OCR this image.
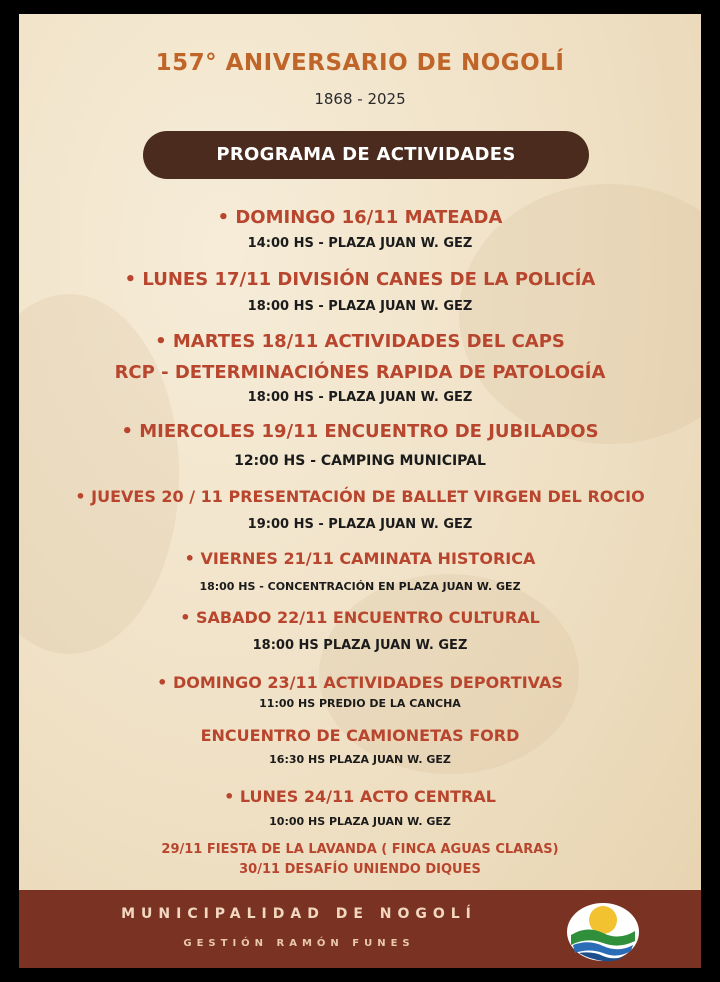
157° ANIVERSARIO DE NOGOLÍ
1868 - 2025
PROGRAMA DE ACTIVIDADES
• DOMINGO 16/11 MATEADA
14:00 HS - PLAZA JUAN W. GEZ
• LUNES 17/11 DIVISIÓN CANES DE LA POLICÍA
18:00 HS - PLAZA JUAN W. GEZ
• MARTES 18/11 ACTIVIDADES DEL CAPS
RCP - DETERMINACIÓNES RAPIDA DE PATOLOGÍA
18:00 HS - PLAZA JUAN W. GEZ
• MIERCOLES 19/11 ENCUENTRO DE JUBILADOS
12:00 HS - CAMPING MUNICIPAL
• JUEVES 20 / 11 PRESENTACIÓN DE BALLET VIRGEN DEL ROCIO
19:00 HS - PLAZA JUAN W. GEZ
• VIERNES 21/11 CAMINATA HISTORICA
18:00 HS - CONCENTRACIÓN EN PLAZA JUAN W. GEZ
• SABADO 22/11 ENCUENTRO CULTURAL
18:00 HS PLAZA JUAN W. GEZ
• DOMINGO 23/11 ACTIVIDADES DEPORTIVAS
11:00 HS PREDIO DE LA CANCHA
ENCUENTRO DE CAMIONETAS FORD
16:30 HS PLAZA JUAN W. GEZ
• LUNES 24/11 ACTO CENTRAL
10:00 HS PLAZA JUAN W. GEZ
29/11 FIESTA DE LA LAVANDA ( FINCA AGUAS CLARAS)
30/11 DESAFÍO UNIENDO DIQUES
MUNICIPALIDAD DE NOGOLÍ
GESTIÓN RAMÓN FUNES
